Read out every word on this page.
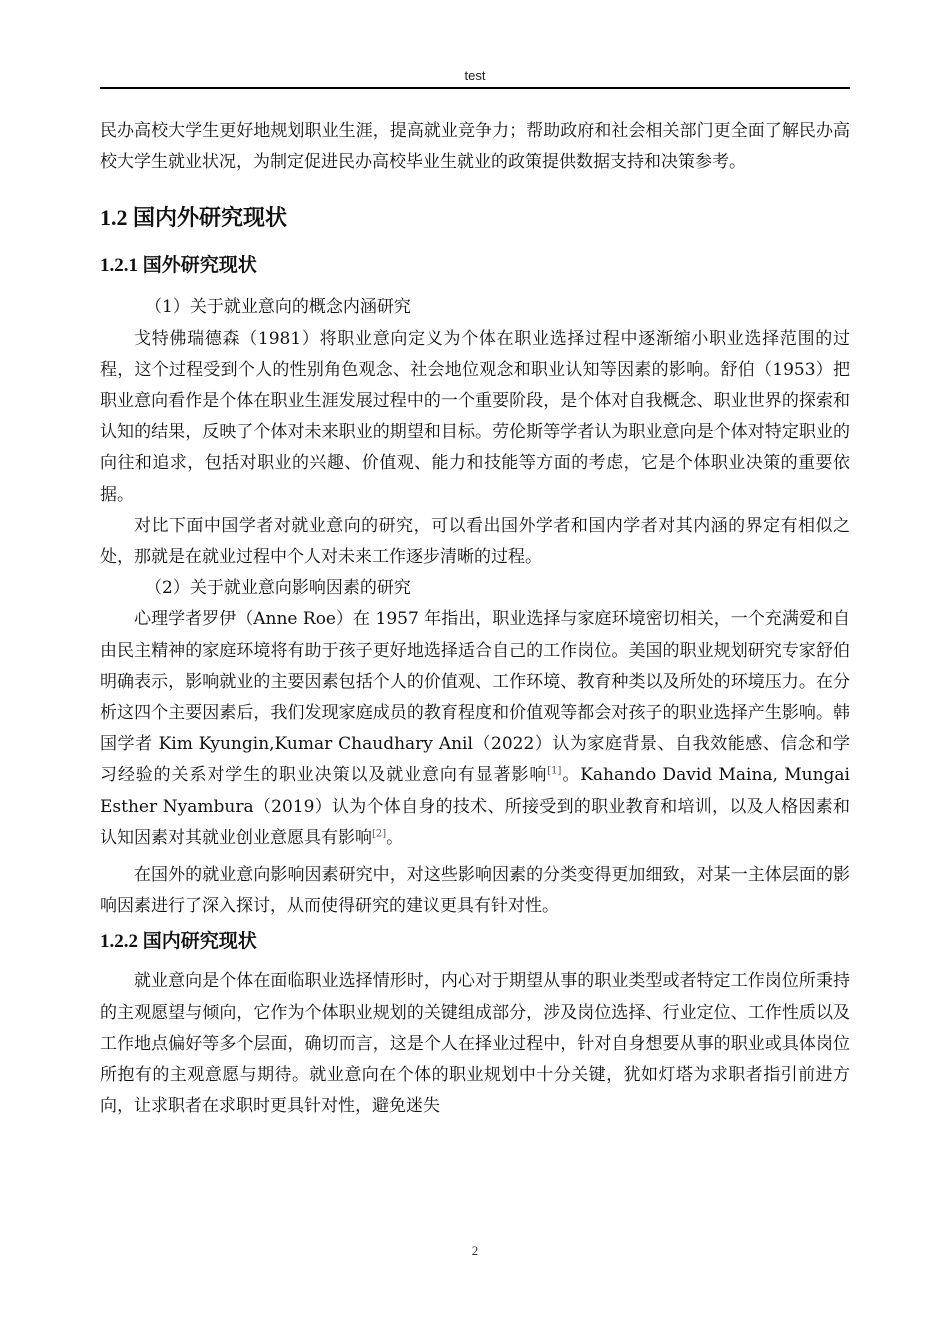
test

民办高校大学生更好地规划职业生涯，提高就业竞争力；帮助政府和社会相关部门更全面了解民办高校大学生就业状况，为制定促进民办高校毕业生就业的政策提供数据支持和决策参考。

1.2 国内外研究现状
1.2.1 国外研究现状

（1）关于就业意向的概念内涵研究

戈特佛瑞德森（1981）将职业意向定义为个体在职业选择过程中逐渐缩小职业选择范围的过程，这个过程受到个人的性别角色观念、社会地位观念和职业认知等因素的影响。舒伯（1953）把职业意向看作是个体在职业生涯发展过程中的一个重要阶段，是个体对自我概念、职业世界的探索和认知的结果，反映了个体对未来职业的期望和目标。劳伦斯等学者认为职业意向是个体对特定职业的向往和追求，包括对职业的兴趣、价值观、能力和技能等方面的考虑，它是个体职业决策的重要依据。

对比下面中国学者对就业意向的研究，可以看出国外学者和国内学者对其内涵的界定有相似之处，那就是在就业过程中个人对未来工作逐步清晰的过程。

（2）关于就业意向影响因素的研究

心理学者罗伊（Anne Roe）在 1957 年指出，职业选择与家庭环境密切相关，一个充满爱和自由民主精神的家庭环境将有助于孩子更好地选择适合自己的工作岗位。美国的职业规划研究专家舒伯明确表示，影响就业的主要因素包括个人的价值观、工作环境、教育种类以及所处的环境压力。在分析这四个主要因素后，我们发现家庭成员的教育程度和价值观等都会对孩子的职业选择产生影响。韩国学者 Kim Kyungin,Kumar Chaudhary Anil（2022）认为家庭背景、自我效能感、信念和学习经验的关系对学生的职业决策以及就业意向有显著影响[1]。Kahando David Maina, Mungai Esther Nyambura（2019）认为个体自身的技术、所接受到的职业教育和培训，以及人格因素和认知因素对其就业创业意愿具有影响[2]。

在国外的就业意向影响因素研究中，对这些影响因素的分类变得更加细致，对某一主体层面的影响因素进行了深入探讨，从而使得研究的建议更具有针对性。

1.2.2 国内研究现状

就业意向是个体在面临职业选择情形时，内心对于期望从事的职业类型或者特定工作岗位所秉持的主观愿望与倾向，它作为个体职业规划的关键组成部分，涉及岗位选择、行业定位、工作性质以及工作地点偏好等多个层面，确切而言，这是个人在择业过程中，针对自身想要从事的职业或具体岗位所抱有的主观意愿与期待。就业意向在个体的职业规划中十分关键，犹如灯塔为求职者指引前进方向，让求职者在求职时更具针对性，避免迷失

2
